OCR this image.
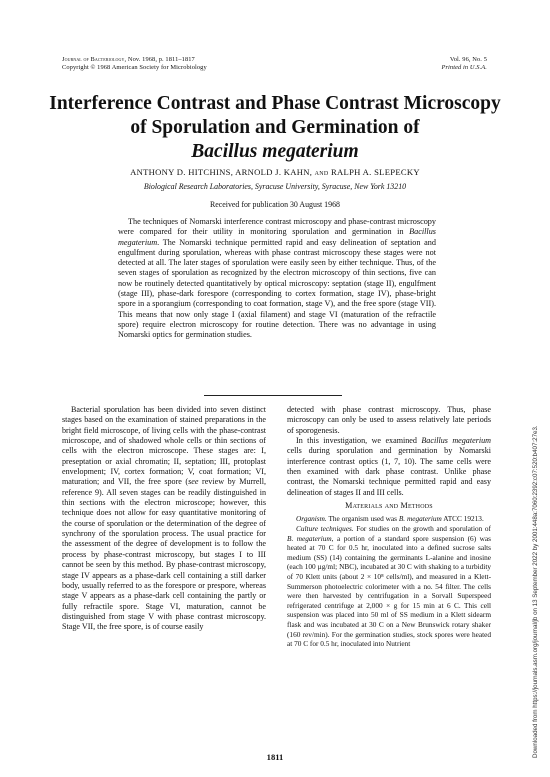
Journal of Bacteriology, Nov. 1968, p. 1811–1817
Copyright © 1968 American Society for Microbiology
Vol. 96, No. 5
Printed in U.S.A.
Interference Contrast and Phase Contrast Microscopy
of Sporulation and Germination of
Bacillus megaterium
ANTHONY D. HITCHINS, ARNOLD J. KAHN, and RALPH A. SLEPECKY
Biological Research Laboratories, Syracuse University, Syracuse, New York 13210
Received for publication 30 August 1968

The techniques of Nomarski interference contrast microscopy and phase-contrast microscopy were compared for their utility in monitoring sporulation and germination in Bacillus megaterium. The Nomarski technique permitted rapid and easy delineation of septation and engulfment during sporulation, whereas with phase contrast microscopy these stages were not detected at all. The later stages of sporulation were easily seen by either technique. Thus, of the seven stages of sporulation as recognized by the electron microscopy of thin sections, five can now be routinely detected quantitatively by optical microscopy: septation (stage II), engulfment (stage III), phase-dark forespore (corresponding to cortex formation, stage IV), phase-bright spore in a sporangium (corresponding to coat formation, stage V), and the free spore (stage VII). This means that now only stage I (axial filament) and stage VI (maturation of the refractile spore) require electron microscopy for routine detection. There was no advantage in using Nomarski optics for germination studies.

Bacterial sporulation has been divided into seven distinct stages based on the examination of stained preparations in the bright field microscope, of living cells with the phase-contrast microscope, and of shadowed whole cells or thin sections of cells with the electron microscope. These stages are: I, preseptation or axial chromatin; II, septation; III, protoplast envelopment; IV, cortex formation; V, coat formation; VI, maturation; and VII, the free spore (see review by Murrell, reference 9). All seven stages can be readily distinguished in thin sections with the electron microscope; however, this technique does not allow for easy quantitative monitoring of the course of sporulation or the determination of the degree of synchrony of the sporulation process. The usual practice for the assessment of the degree of development is to follow the process by phase-contrast microscopy, but stages I to III cannot be seen by this method. By phase-contrast microscopy, stage IV appears as a phase-dark cell containing a still darker body, usually referred to as the forespore or prespore, whereas stage V appears as a phase-dark cell containing the partly or fully refractile spore. Stage VI, maturation, cannot be distinguished from stage V with phase contrast microscopy. Stage VII, the free spore, is of course easily

detected with phase contrast microscopy. Thus, phase microscopy can only be used to assess relatively late periods of sporogenesis.

In this investigation, we examined Bacillus megaterium cells during sporulation and germination by Nomarski interference contrast optics (1, 7, 10). The same cells were then examined with dark phase contrast. Unlike phase contrast, the Nomarski technique permitted rapid and easy delineation of stages II and III cells.

Materials and Methods

Organism. The organism used was B. megaterium ATCC 19213.

Culture techniques. For studies on the growth and sporulation of B. megaterium, a portion of a standard spore suspension (6) was heated at 70 C for 0.5 hr, inoculated into a defined sucrose salts medium (SS) (14) containing the germinants L-alanine and inosine (each 100 µg/ml; NBC), incubated at 30 C with shaking to a turbidity of 70 Klett units (about 2 × 10⁸ cells/ml), and measured in a Klett-Summerson photoelectric colorimeter with a no. 54 filter. The cells were then harvested by centrifugation in a Sorvall Superspeed refrigerated centrifuge at 2,000 × g for 15 min at 6 C. This cell suspension was placed into 50 ml of SS medium in a Klett sidearm flask and was incubated at 30 C on a New Brunswick rotary shaker (160 rev/min). For the germination studies, stock spores were heated at 70 C for 0.5 hr, inoculated into Nutrient

1811	Downloaded from https://journals.asm.org/journal/jb on 13 September 2022 by 2001:448a:7060:2392:c07:520:b407:27e3.
